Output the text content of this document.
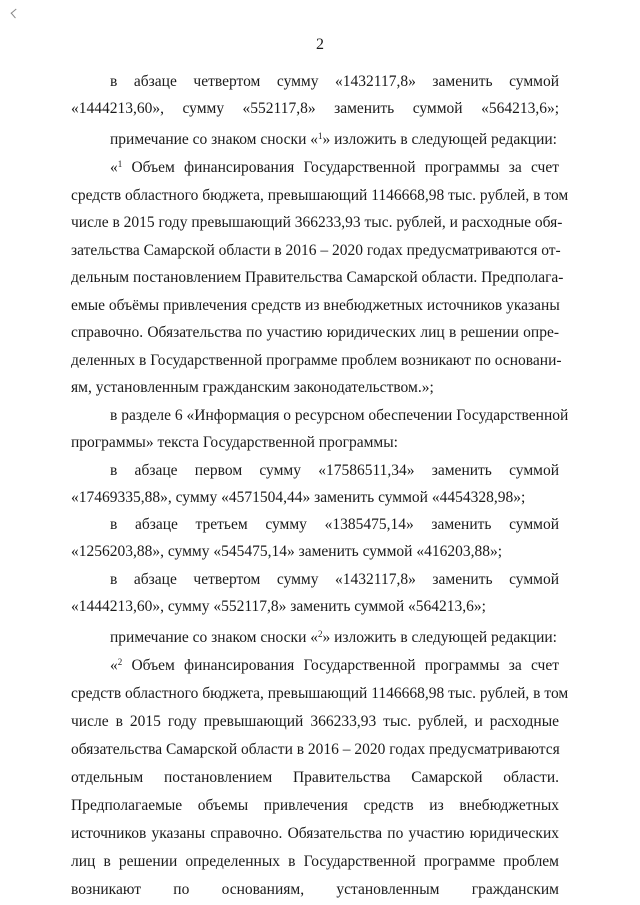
2
в абзаце четвертом сумму «1432117,8» заменить суммой
«1444213,60», сумму «552117,8» заменить суммой «564213,6»;
примечание со знаком сноски «$^1$» изложить в следующей редакции:
«$^1$ Объем финансирования Государственной программы за счет
средств областного бюджета, превышающий 1146668,98 тыс. рублей, в том
числе в 2015 году превышающий 366233,93 тыс. рублей, и расходные обя-
зательства Самарской области в 2016 – 2020 годах предусматриваются от-
дельным постановлением Правительства Самарской области. Предполага-
емые объёмы привлечения средств из внебюджетных источников указаны
справочно. Обязательства по участию юридических лиц в решении опре-
деленных в Государственной программе проблем возникают по основани-
ям, установленным гражданским законодательством.»;
в разделе 6 «Информация о ресурсном обеспечении Государственной
программы» текста Государственной программы:
в абзаце первом сумму «17586511,34» заменить суммой
«17469335,88», сумму «4571504,44» заменить суммой «4454328,98»;
в абзаце третьем сумму «1385475,14» заменить суммой
«1256203,88», сумму «545475,14» заменить суммой «416203,88»;
в абзаце четвертом сумму «1432117,8» заменить суммой
«1444213,60», сумму «552117,8» заменить суммой «564213,6»;
примечание со знаком сноски «$^2$» изложить в следующей редакции:
«$^2$ Объем финансирования Государственной программы за счет
средств областного бюджета, превышающий 1146668,98 тыс. рублей, в том
числе в 2015 году превышающий 366233,93 тыс. рублей, и расходные
обязательства Самарской области в 2016 – 2020 годах предусматриваются
отдельным постановлением Правительства Самарской области.
Предполагаемые объемы привлечения средств из внебюджетных
источников указаны справочно. Обязательства по участию юридических
лиц в решении определенных в Государственной программе проблем
возникают по основаниям, установленным гражданским
